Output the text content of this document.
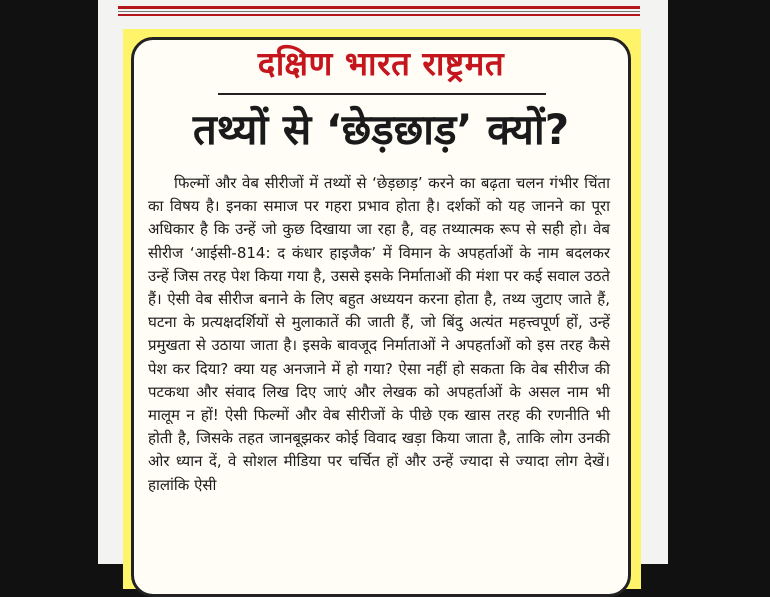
दक्षिण भारत राष्ट्रमत
तथ्यों से ‘छेड़छाड़’ क्यों?

फिल्मों और वेब सीरीजों में तथ्यों से ‘छेड़छाड़’ करने का बढ़ता चलन गंभीर चिंता का विषय है। इनका समाज पर गहरा प्रभाव होता है। दर्शकों को यह जानने का पूरा अधिकार है कि उन्हें जो कुछ दिखाया जा रहा है, वह तथ्यात्मक रूप से सही हो। वेब सीरीज ‘आईसी-814: द कंधार हाइजैक’ में विमान के अपहर्ताओं के नाम बदलकर उन्हें जिस तरह पेश किया गया है, उससे इसके निर्माताओं की मंशा पर कई सवाल उठते हैं। ऐसी वेब सीरीज बनाने के लिए बहुत अध्ययन करना होता है, तथ्य जुटाए जाते हैं, घटना के प्रत्यक्षदर्शियों से मुलाकातें की जाती हैं, जो बिंदु अत्यंत महत्त्वपूर्ण हों, उन्हें प्रमुखता से उठाया जाता है। इसके बावजूद निर्माताओं ने अपहर्ताओं को इस तरह कैसे पेश कर दिया? क्या यह अनजाने में हो गया? ऐसा नहीं हो सकता कि वेब सीरीज की पटकथा और संवाद लिख दिए जाएं और लेखक को अपहर्ताओं के असल नाम भी मालूम न हों! ऐसी फिल्मों और वेब सीरीजों के पीछे एक खास तरह की रणनीति भी होती है, जिसके तहत जानबूझकर कोई विवाद खड़ा किया जाता है, ताकि लोग उनकी ओर ध्यान दें, वे सोशल मीडिया पर चर्चित हों और उन्हें ज्यादा से ज्यादा लोग देखें। हालांकि ऐसी
